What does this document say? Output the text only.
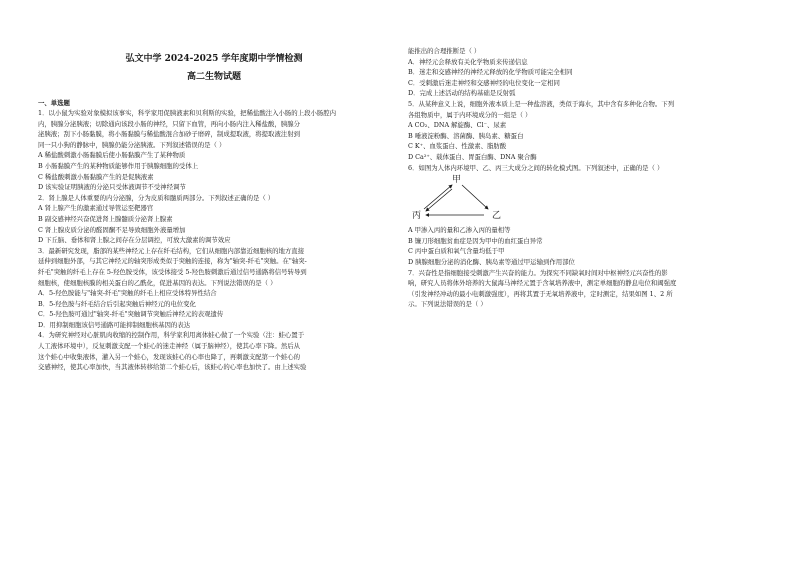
弘文中学 2024-2025 学年度期中学情检测
高二生物试题
一、单选题

1．以小鼠为实验对象模拟该事实，科学家用促胰液素和贝利斯的实验，把稀盐酸注入小肠的上段小肠腔内

内，胰腺分泌胰液；切除通向该段小肠的神经，只留下血管，再向小肠内注入稀盐酸，胰腺分

泌胰液；刮下小肠黏膜，将小肠黏膜与稀盐酸混合加砂子磨碎，制成提取液，将提取液注射到

同一只小狗的静脉中，胰腺仍能分泌胰液。下列叙述错误的是（ ）

A 稀盐酸刺激小肠黏膜后使小肠黏膜产生了某种物质

B 小肠黏膜产生的某种物质能够作用于胰腺细胞的受体上

C 稀盐酸刺激小肠黏膜产生的是促胰液素

D 该实验证明胰液的分泌只受体液调节不受神经调节

2．肾上腺是人体重要的内分泌腺，分为皮质和髓质两部分。下列叙述正确的是（ ）

A 肾上腺产生的激素通过导管运至靶器官

B 副交感神经兴奋促进肾上腺髓质分泌肾上腺素

C 肾上腺皮质分泌的醛固酮不足导致细胞外液量增加

D 下丘脑、垂体和肾上腺之间存在分层调控，可放大激素的调节效应

3．最新研究发现，脂部的某些神经元上存在纤毛结构，它们从细胞内部靠近细胞核的地方直接

延伸到细胞外部，与其它神经元的轴突形成类似于突触的连接，称为"轴突-纤毛"突触。在"轴突-

纤毛"突触的纤毛上存在 5-羟色胺受体，该受体接受 5-羟色胺刺激后通过信号通路将信号转导到

细胞核，使细胞核膜的相关蛋白的乙酰化，促进基因的表达。下列说法错误的是（ ）

A．5-羟色胺能与"轴突-纤毛"突触的纤毛上相应受体特异性结合

B．5-羟色胺与纤毛结合后引起突触后神经元的电位变化

C．5-羟色胺可通过"轴突-纤毛"突触调节突触后神经元的表观遗传

D．用抑制细胞该信号通路可能抑制细胞核基因的表达

4．为研究神经对心脏肌肉收缩的控制作用，科学家利用离体蛙心做了一个实验（注：蛙心置于

人工液体环境中），反复刺激支配一个蛙心的迷走神经（属于脑神经），使其心率下降。然后从

这个蛙心中收集液体，灌入另一个蛙心，发现该蛙心的心率也降了，再刺激支配第一个蛙心的

交感神经，使其心率加快，当其液体转移给第二个蛙心后，该蛙心的心率也加快了。由上述实验

能推出的合理推断是（ ）

A．神经元会释放有关化学物质来传递信息

B．迷走和交感神经的神经元释放的化学物质可能完全相同

C．受刺激后迷走神经和交感神经的电位变化一定相同

D．完成上述活动的结构基础是反射弧

5．从某种意义上说，细胞外液本质上是一种盐溶液，类似于海水，其中含有多种化合物。下列

各组物质中，属于内环境成分的一组是（ ）

A CO₂、DNA 解旋酶、Cl⁻、尿素

B 唾液淀粉酶、溶菌酶、胰岛素、糖蛋白

C K⁺、血浆蛋白、性激素、脂肪酸

D Ca²⁺、载体蛋白、胃蛋白酶、DNA 聚合酶

6．如图为人体内环境甲、乙、丙三大成分之间的转化模式图。下列叙述中，正确的是（ ）

甲
丙	乙

A 甲渗入丙的量和乙渗入丙的量相等

B 镰刀形细胞贫血症是因为甲中的血红蛋白异常

C 丙中蛋白质和氧气含量均低于甲

D 胰腺细胞分泌的消化酶、胰岛素等通过甲运输到作用部位

7．兴奋性是指细胞接受刺激产生兴奋的能力。为探究不同缺氧时间对中枢神经元兴奋性的影

响，研究人员将体外培养的大鼠海马神经元置于含氧培养液中，测定单细胞的静息电位和阈强度

（引发神经冲动的最小电刺激强度），再将其置于无氧培养液中，定时测定，结果如图 1、2 所

示。下列说法错误的是（ ）
